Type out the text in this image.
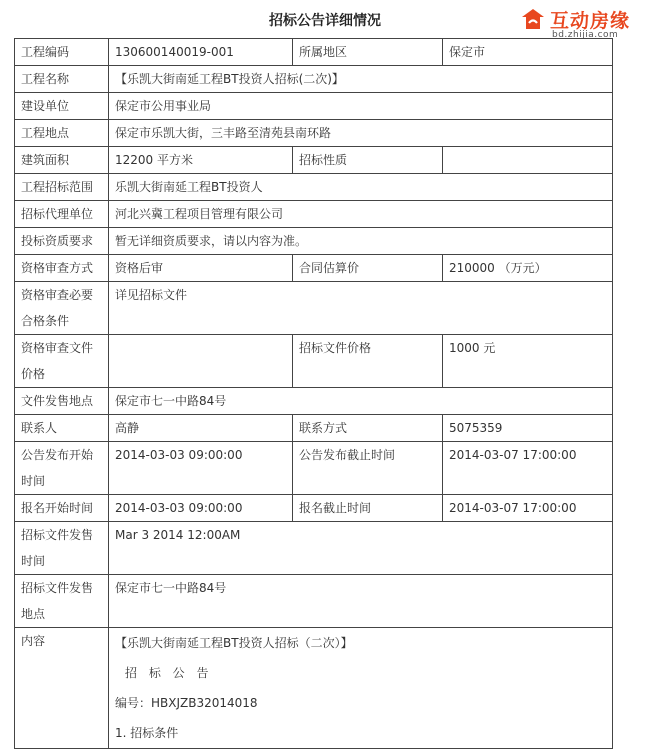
招标公告详细情况	互动房缘
bd.zhijia.com
工程编码	130600140019-001	所属地区	保定市
工程名称	【乐凯大街南延工程BT投资人招标(二次)】		
建设单位	保定市公用事业局		
工程地点	保定市乐凯大街，三丰路至清苑县南环路		
建筑面积	12200 平方米	招标性质	
工程招标范围	乐凯大街南延工程BT投资人		
招标代理单位	河北兴冀工程项目管理有限公司		
投标资质要求	暂无详细资质要求，请以内容为准。		
资格审查方式	资格后审	合同估算价	210000 （万元）
资格审查必要合格条件	详见招标文件		
资格审查文件价格		招标文件价格	1000 元
文件发售地点	保定市七一中路84号		
联系人	高静	联系方式	5075359
公告发布开始时间	2014-03-03 09:00:00	公告发布截止时间	2014-03-07 17:00:00
报名开始时间	2014-03-03 09:00:00	报名截止时间	2014-03-07 17:00:00
招标文件发售时间	Mar 3 2014 12:00AM		
招标文件发售地点	保定市七一中路84号		
内容	【乐凯大街南延工程BT投资人招标（二次）】
招 标 公 告
编号：HBXJZB32014018
1. 招标条件		
